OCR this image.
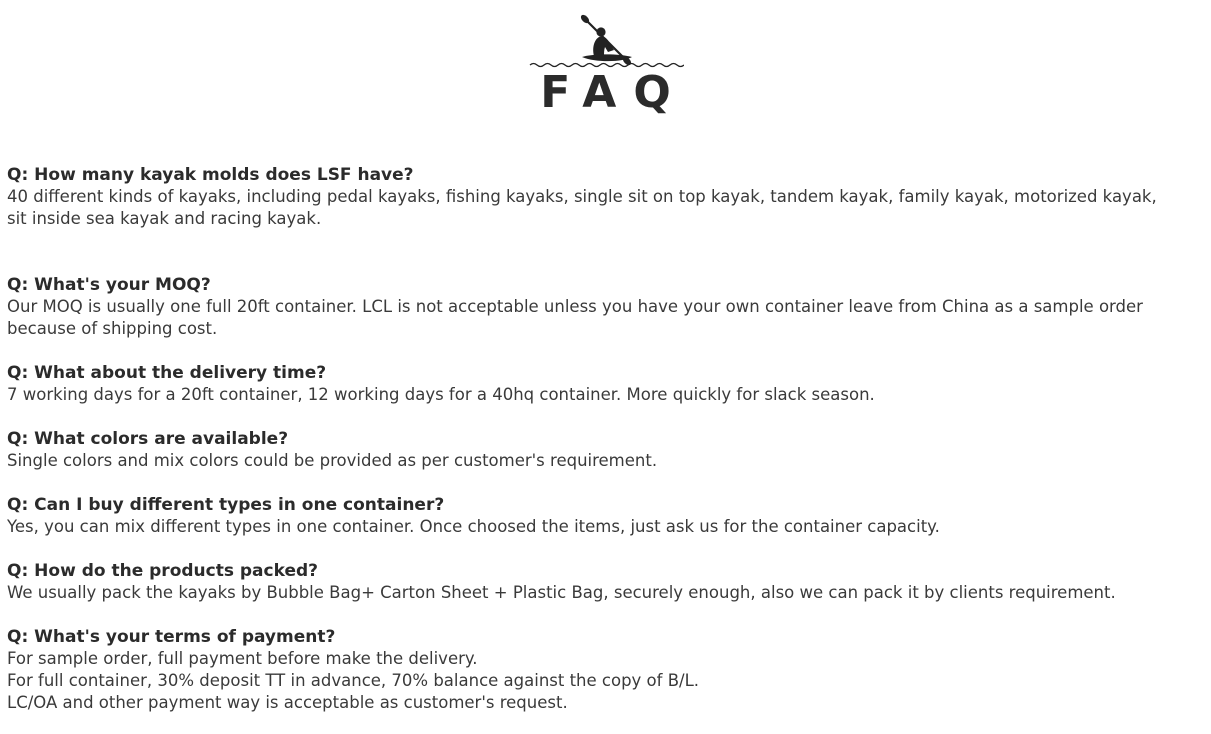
FAQ
Q: How many kayak molds does LSF have?
40 different kinds of kayaks, including pedal kayaks, fishing kayaks, single sit on top kayak, tandem kayak, family kayak, motorized kayak,
sit inside sea kayak and racing kayak.
Q: What's your MOQ?
Our MOQ is usually one full 20ft container. LCL is not acceptable unless you have your own container leave from China as a sample order
because of shipping cost.
Q: What about the delivery time?
7 working days for a 20ft container, 12 working days for a 40hq container. More quickly for slack season.
Q: What colors are available?
Single colors and mix colors could be provided as per customer's requirement.
Q: Can I buy different types in one container?
Yes, you can mix different types in one container. Once choosed the items, just ask us for the container capacity.
Q: How do the products packed?
We usually pack the kayaks by Bubble Bag+ Carton Sheet + Plastic Bag, securely enough, also we can pack it by clients requirement.
Q: What's your terms of payment?
For sample order, full payment before make the delivery.
For full container, 30% deposit TT in advance, 70% balance against the copy of B/L.
LC/OA and other payment way is acceptable as customer's request.
